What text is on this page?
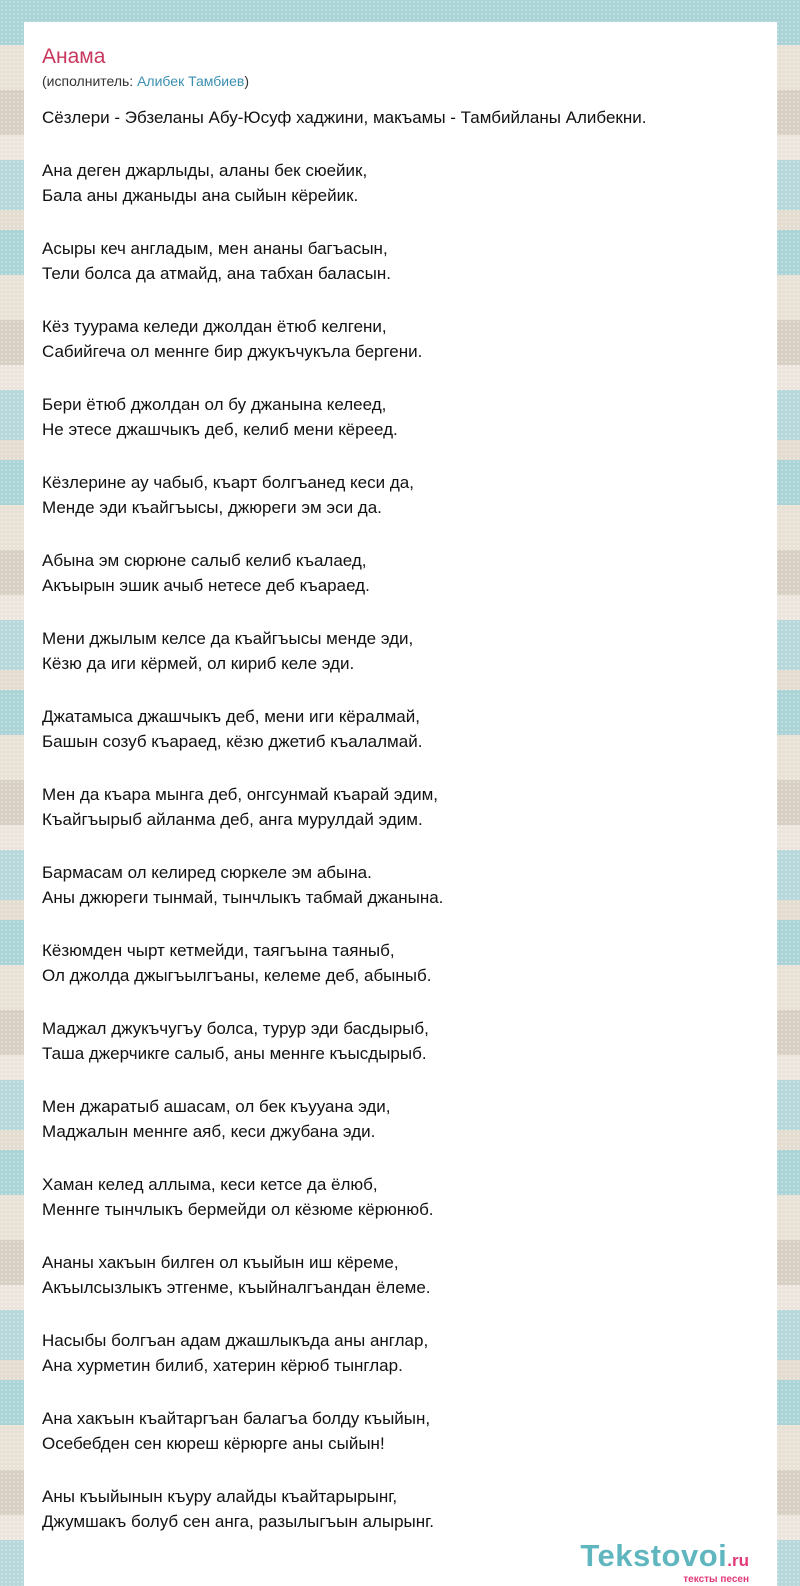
Анама
(исполнитель: Алибек Тамбиев)
Сёзлери - Эбзеланы Абу-Юсуф хаджини, макъамы - Тамбийланы Алибекни.
Ана деген джарлыды, аланы бек сюейик,
Бала аны джаныды ана сыйын кёрейик.
Асыры кеч англадым, мен ананы багъасын,
Тели болса да атмайд, ана табхан баласын.
Кёз туурама келеди джолдан ётюб келгени,
Сабийгеча ол меннге бир джукъчукъла бергени.
Бери ётюб джолдан ол бу джанына келеед,
Не этесе джашчыкъ деб, келиб мени кёреед.
Кёзлерине ау чабыб, къарт болгъанед кеси да,
Менде эди къайгъысы, джюреги эм эси да.
Абына эм сюрюне салыб келиб къалаед,
Акъырын эшик ачыб нетесе деб къараед.
Мени джылым келсе да къайгъысы менде эди,
Кёзю да иги кёрмей, ол кириб келе эди.
Джатамыса джашчыкъ деб, мени иги кёралмай,
Башын созуб къараед, кёзю джетиб къалалмай.
Мен да къара мынга деб, онгсунмай къарай эдим,
Къайгъырыб айланма деб, анга мурулдай эдим.
Бармасам ол келиред сюркеле эм абына.
Аны джюреги тынмай, тынчлыкъ табмай джанына.
Кёзюмден чырт кетмейди, таягъына таяныб,
Ол джолда джыгъылгъаны, келеме деб, абыныб.
Маджал джукъчугъу болса, турур эди басдырыб,
Таша джерчикге салыб, аны меннге къысдырыб.
Мен джаратыб ашасам, ол бек къууана эди,
Маджалын меннге аяб, кеси джубана эди.
Хаман келед аллыма, кеси кетсе да ёлюб,
Меннге тынчлыкъ бермейди ол кёзюме кёрюнюб.
Ананы хакъын билген ол къыйын иш кёреме,
Акъылсызлыкъ этгенме, къыйналгъандан ёлеме.
Насыбы болгъан адам джашлыкъда аны англар,
Ана хурметин билиб, хатерин кёрюб тынглар.
Ана хакъын къайтаргъан балагъа болду къыйын,
Осебебден сен кюреш кёрюрге аны сыйын!
Аны къыйынын къуру алайды къайтарырынг,
Джумшакъ болуб сен анга, разылыгъын алырынг.
Tekstovoi.ru
тексты песен
